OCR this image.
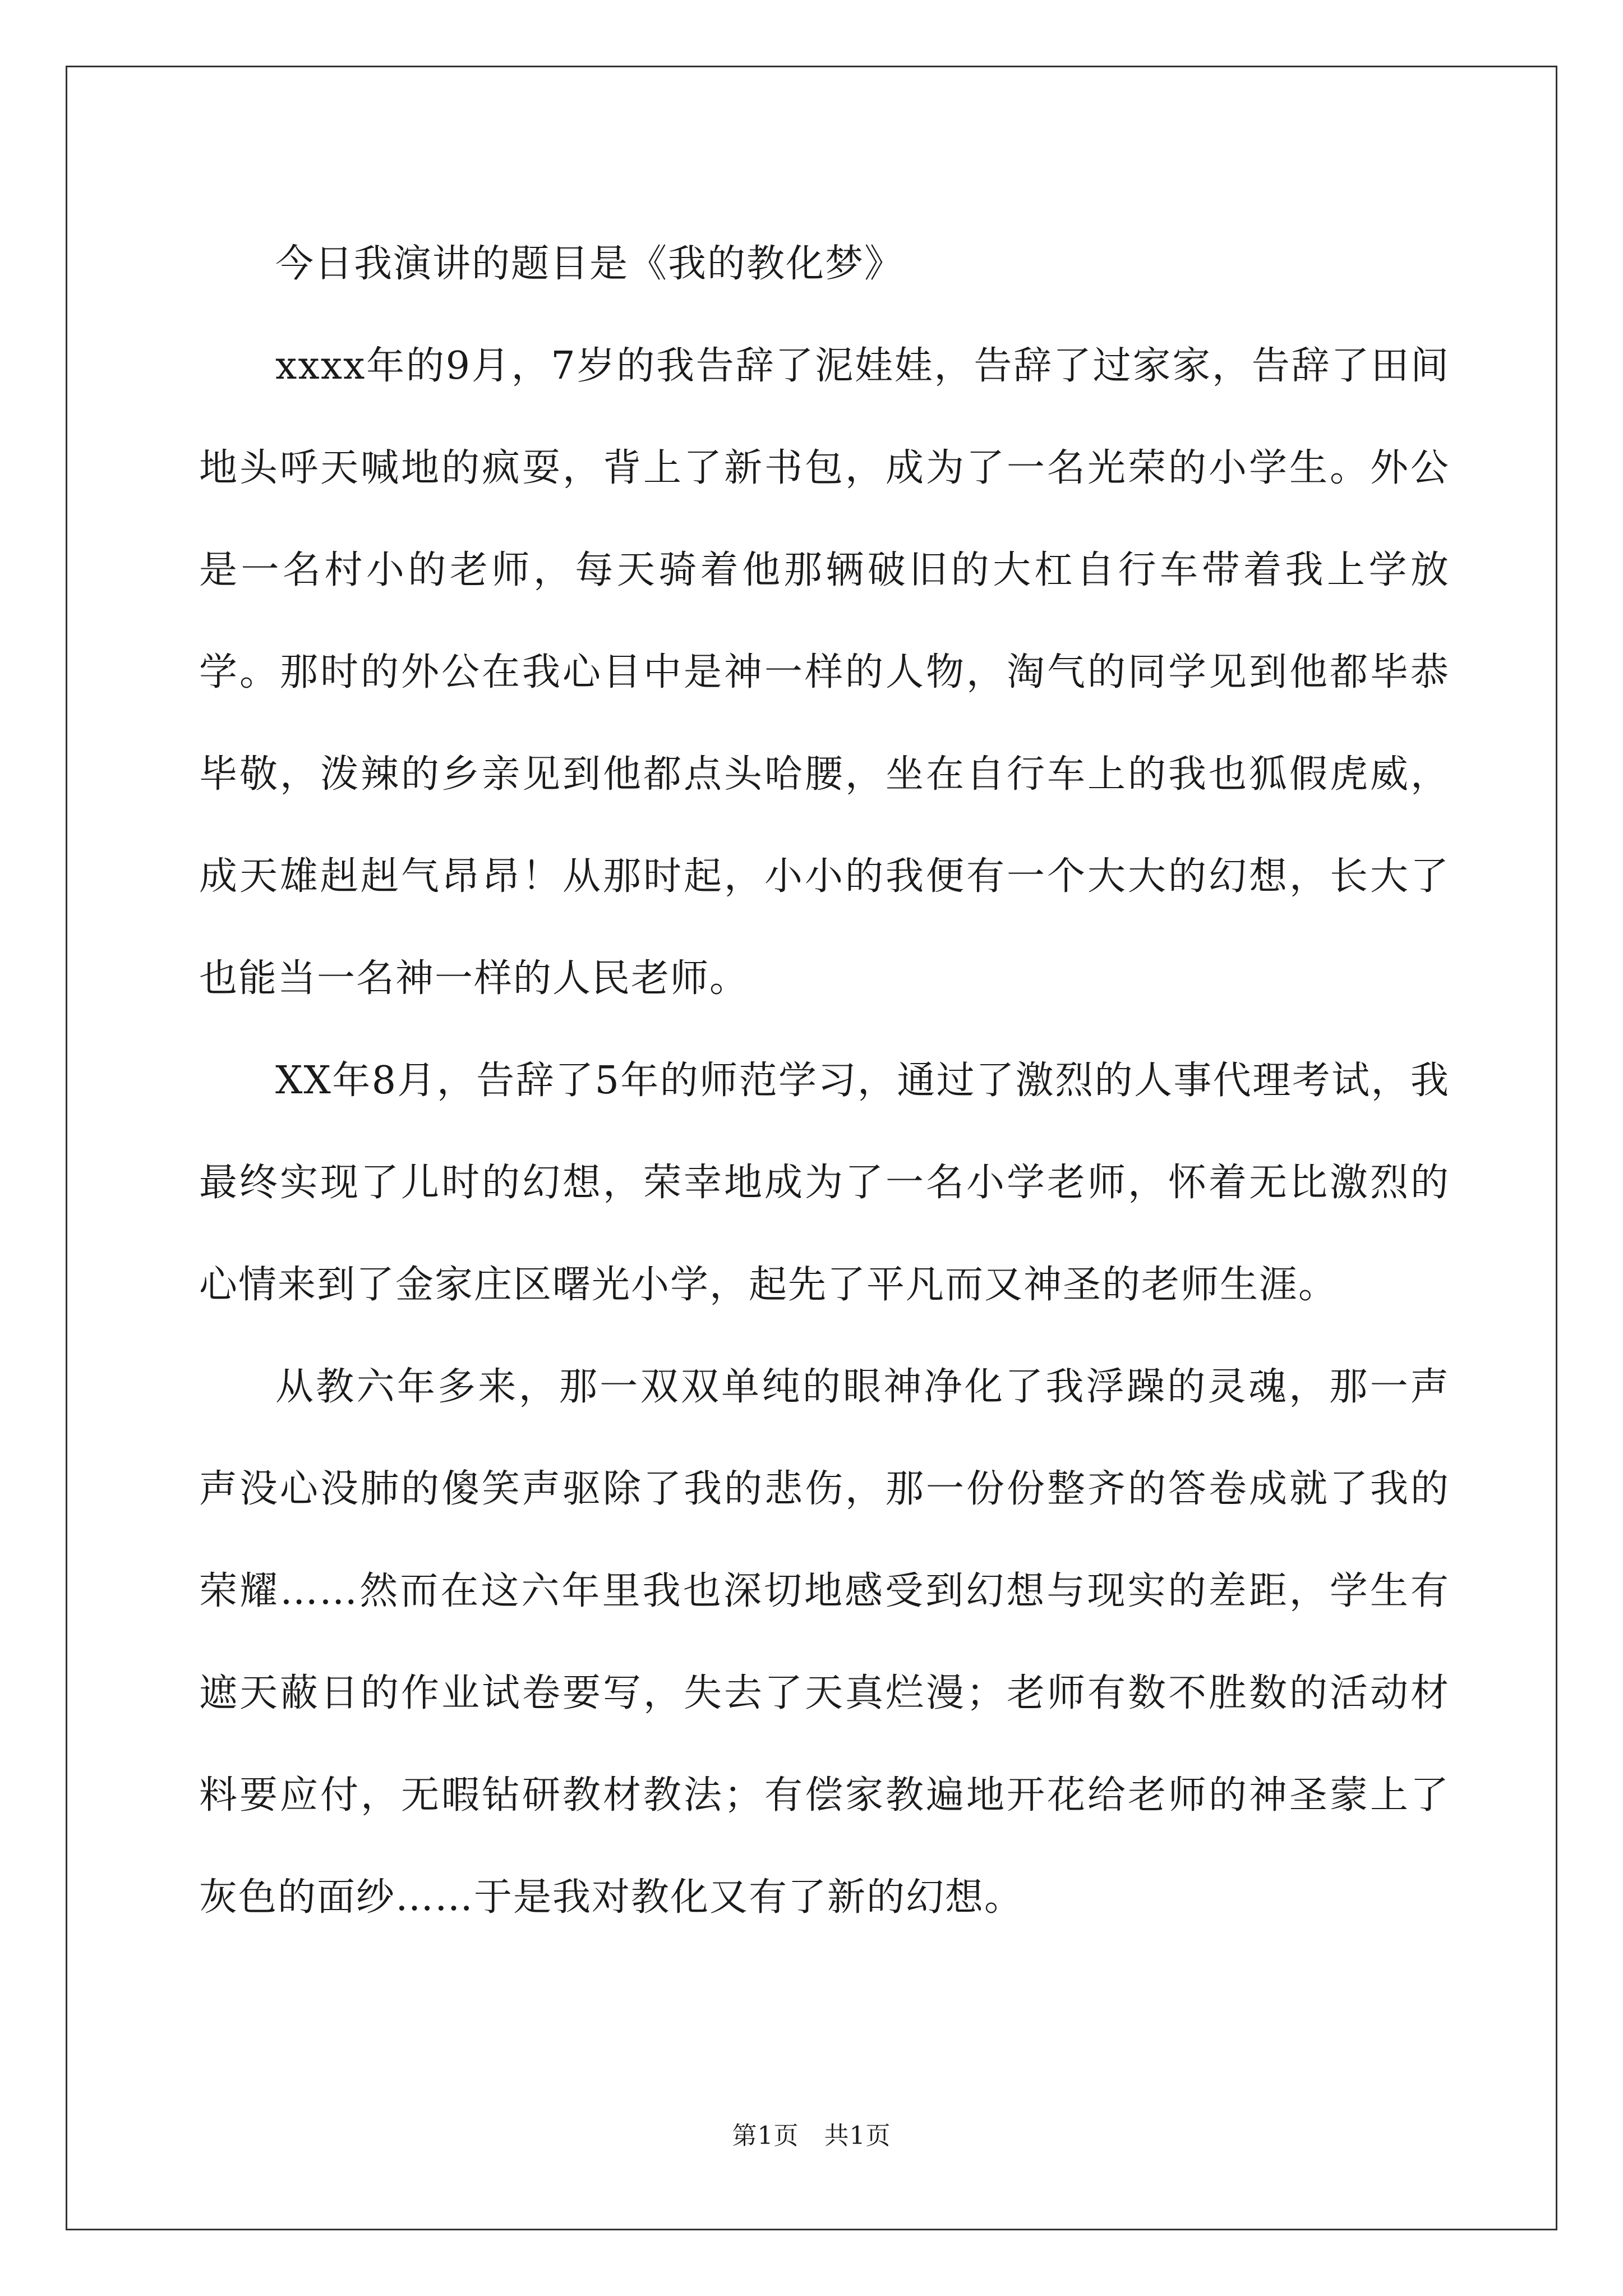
今日我演讲的题目是《我的教化梦》

xxxx年的9月，7岁的我告辞了泥娃娃，告辞了过家家，告辞了田间地头呼天喊地的疯耍，背上了新书包，成为了一名光荣的小学生。外公是一名村小的老师，每天骑着他那辆破旧的大杠自行车带着我上学放学。那时的外公在我心目中是神一样的人物，淘气的同学见到他都毕恭毕敬，泼辣的乡亲见到他都点头哈腰，坐在自行车上的我也狐假虎威，成天雄赳赳气昂昂！从那时起，小小的我便有一个大大的幻想，长大了也能当一名神一样的人民老师。

XX年8月，告辞了5年的师范学习，通过了激烈的人事代理考试，我最终实现了儿时的幻想，荣幸地成为了一名小学老师，怀着无比激烈的心情来到了金家庄区曙光小学，起先了平凡而又神圣的老师生涯。

从教六年多来，那一双双单纯的眼神净化了我浮躁的灵魂，那一声声没心没肺的傻笑声驱除了我的悲伤，那一份份整齐的答卷成就了我的荣耀……然而在这六年里我也深切地感受到幻想与现实的差距，学生有遮天蔽日的作业试卷要写，失去了天真烂漫；老师有数不胜数的活动材料要应付，无暇钻研教材教法；有偿家教遍地开花给老师的神圣蒙上了灰色的面纱……于是我对教化又有了新的幻想。

第1页　共1页
